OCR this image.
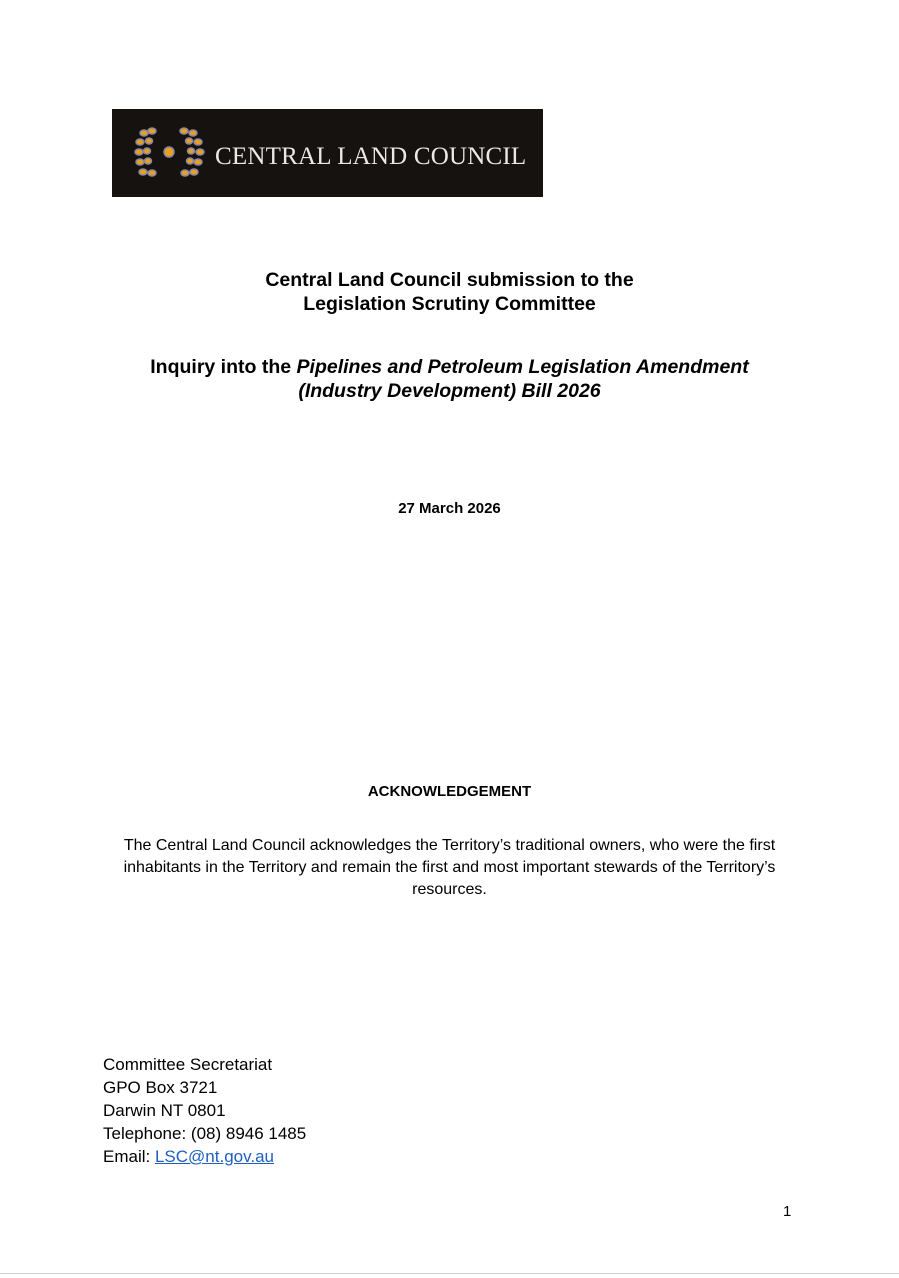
CENTRAL LAND COUNCIL
Central Land Council submission to the
Legislation Scrutiny Committee
Inquiry into the Pipelines and Petroleum Legislation Amendment
(Industry Development) Bill 2026
27 March 2026
ACKNOWLEDGEMENT
The Central Land Council acknowledges the Territory’s traditional owners, who were the first inhabitants in the Territory and remain the first and most important stewards of the Territory’s resources.
Committee Secretariat
GPO Box 3721
Darwin NT 0801
Telephone: (08) 8946 1485
Email: LSC@nt.gov.au
1
